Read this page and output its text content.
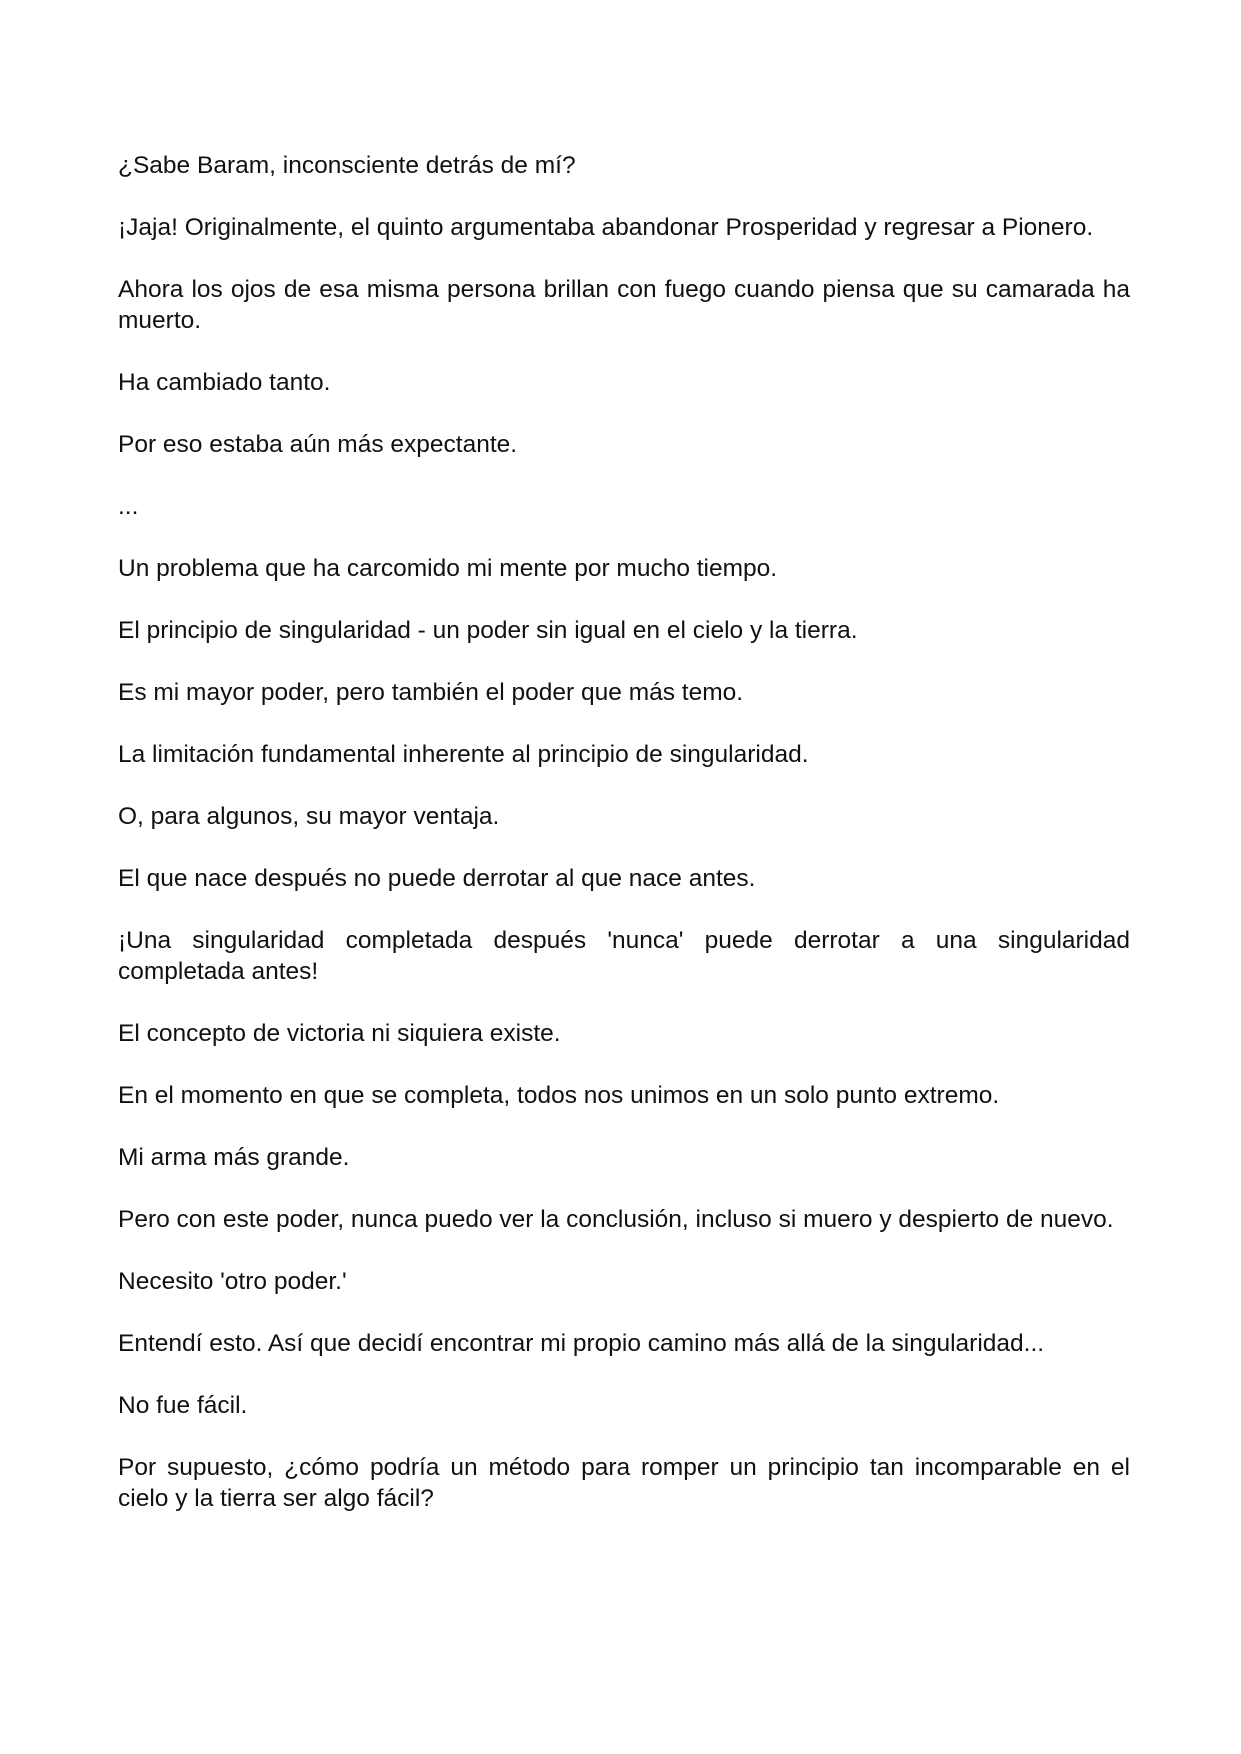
¿Sabe Baram, inconsciente detrás de mí?

¡Jaja! Originalmente, el quinto argumentaba abandonar Prosperidad y regresar a Pionero.

Ahora los ojos de esa misma persona brillan con fuego cuando piensa que su camarada ha muerto.

Ha cambiado tanto.

Por eso estaba aún más expectante.

...

Un problema que ha carcomido mi mente por mucho tiempo.

El principio de singularidad - un poder sin igual en el cielo y la tierra.

Es mi mayor poder, pero también el poder que más temo.

La limitación fundamental inherente al principio de singularidad.

O, para algunos, su mayor ventaja.

El que nace después no puede derrotar al que nace antes.

¡Una singularidad completada después 'nunca' puede derrotar a una singularidad completada antes!

El concepto de victoria ni siquiera existe.

En el momento en que se completa, todos nos unimos en un solo punto extremo.

Mi arma más grande.

Pero con este poder, nunca puedo ver la conclusión, incluso si muero y despierto de nuevo.

Necesito 'otro poder.'

Entendí esto. Así que decidí encontrar mi propio camino más allá de la singularidad...

No fue fácil.

Por supuesto, ¿cómo podría un método para romper un principio tan incomparable en el cielo y la tierra ser algo fácil?
